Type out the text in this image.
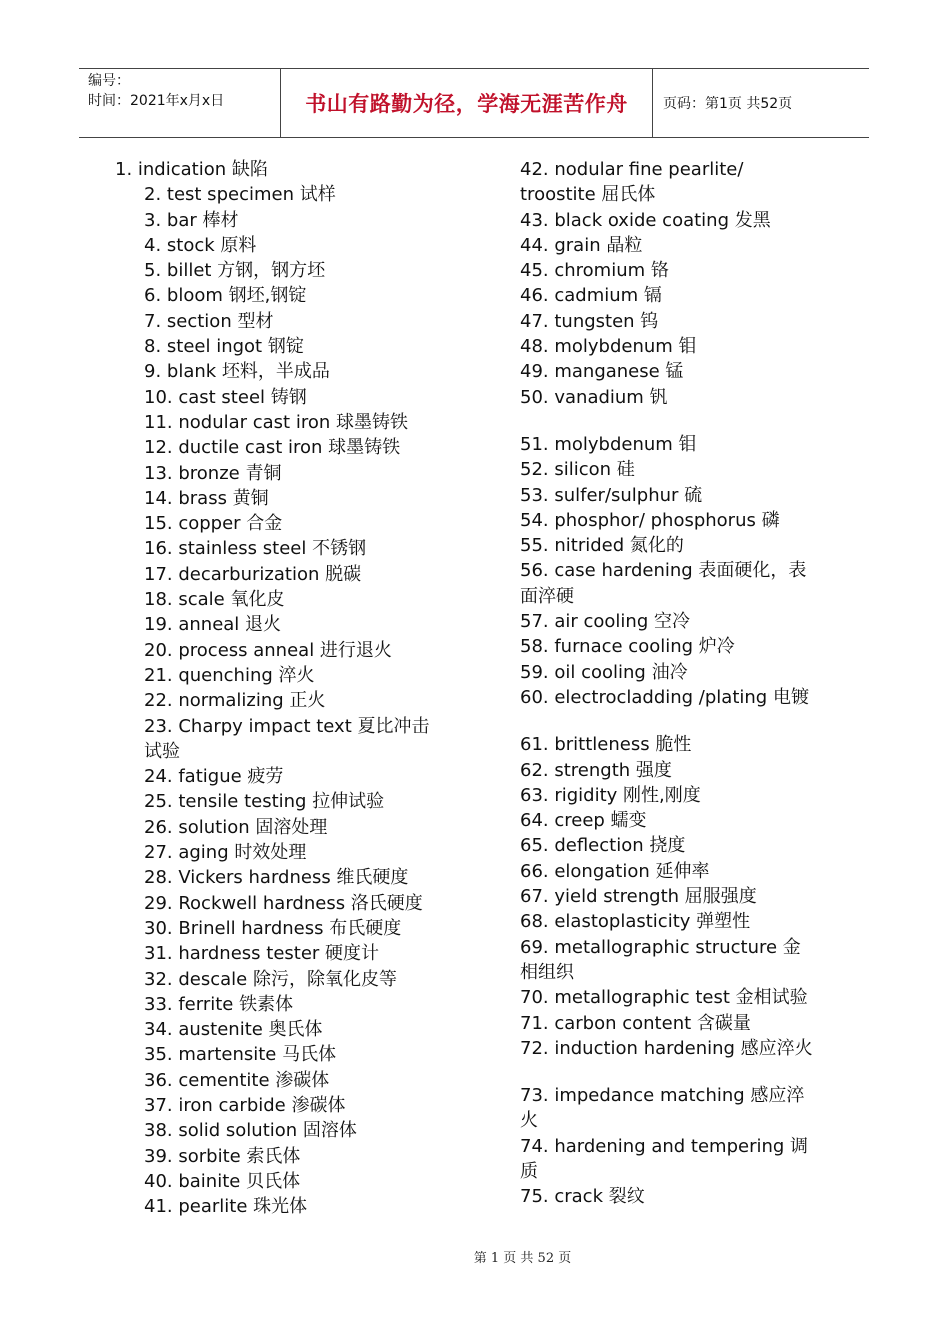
编号：
时间：2021年x月x日	书山有路勤为径，学海无涯苦作舟	页码：第1页 共52页
1. indication 缺陷
2. test specimen 试样
3. bar 棒材
4. stock 原料
5. billet 方钢，钢方坯
6. bloom 钢坯,钢锭
7. section 型材
8. steel ingot 钢锭
9. blank 坯料，半成品
10. cast steel 铸钢
11. nodular cast iron 球墨铸铁
12. ductile cast iron 球墨铸铁
13. bronze 青铜
14. brass 黄铜
15. copper 合金
16. stainless steel 不锈钢
17. decarburization 脱碳
18. scale 氧化皮
19. anneal 退火
20. process anneal 进行退火
21. quenching 淬火
22. normalizing 正火
23. Charpy impact text 夏比冲击
试验
24. fatigue 疲劳
25. tensile testing 拉伸试验
26. solution 固溶处理
27. aging 时效处理
28. Vickers hardness 维氏硬度
29. Rockwell hardness 洛氏硬度
30. Brinell hardness 布氏硬度
31. hardness tester 硬度计
32. descale 除污，除氧化皮等
33. ferrite 铁素体
34. austenite 奥氏体
35. martensite 马氏体
36. cementite 渗碳体
37. iron carbide 渗碳体
38. solid solution 固溶体
39. sorbite 索氏体
40. bainite 贝氏体
41. pearlite 珠光体
42. nodular fine pearlite/
troostite 屈氏体
43. black oxide coating 发黑
44. grain 晶粒
45. chromium 铬
46. cadmium 镉
47. tungsten 钨
48. molybdenum 钼
49. manganese 锰
50. vanadium 钒
51. molybdenum 钼
52. silicon 硅
53. sulfer/sulphur 硫
54. phosphor/ phosphorus 磷
55. nitrided 氮化的
56. case hardening 表面硬化，表
面淬硬
57. air cooling 空冷
58. furnace cooling 炉冷
59. oil cooling 油冷
60. electrocladding /plating 电镀
61. brittleness 脆性
62. strength 强度
63. rigidity 刚性,刚度
64. creep 蠕变
65. deflection 挠度
66. elongation 延伸率
67. yield strength 屈服强度
68. elastoplasticity 弹塑性
69. metallographic structure 金
相组织
70. metallographic test 金相试验
71. carbon content 含碳量
72. induction hardening 感应淬火
73. impedance matching 感应淬
火
74. hardening and tempering 调
质
75. crack 裂纹
第 1 页 共 52 页
